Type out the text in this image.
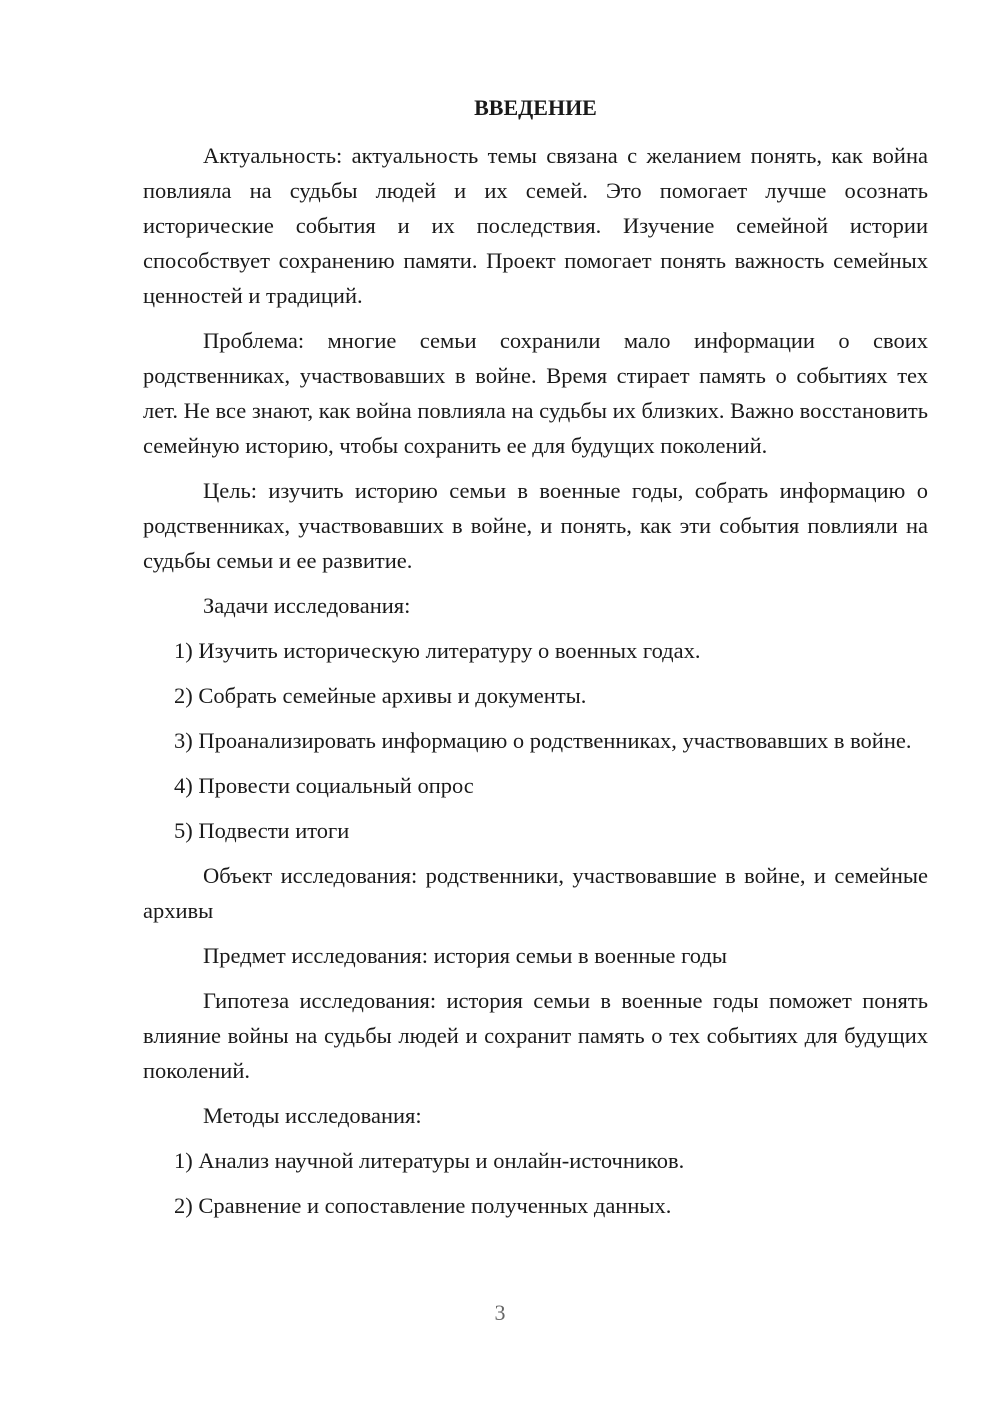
ВВЕДЕНИЕ

Актуальность: актуальность темы связана с желанием понять, как война повлияла на судьбы людей и их семей. Это помогает лучше осознать исторические события и их последствия. Изучение семейной истории способствует сохранению памяти. Проект помогает понять важность семейных ценностей и традиций.

Проблема: многие семьи сохранили мало информации о своих родственниках, участвовавших в войне. Время стирает память о событиях тех лет. Не все знают, как война повлияла на судьбы их близких. Важно восстановить семейную историю, чтобы сохранить ее для будущих поколений.

Цель: изучить историю семьи в военные годы, собрать информацию о родственниках, участвовавших в войне, и понять, как эти события повлияли на судьбы семьи и ее развитие.

Задачи исследования:

1) Изучить историческую литературу о военных годах.

2) Собрать семейные архивы и документы.

3) Проанализировать информацию о родственниках, участвовавших в войне.

4) Провести социальный опрос

5) Подвести итоги

Объект исследования: родственники, участвовавшие в войне, и семейные архивы

Предмет исследования: история семьи в военные годы

Гипотеза исследования: история семьи в военные годы поможет понять влияние войны на судьбы людей и сохранит память о тех событиях для будущих поколений.

Методы исследования:

1) Анализ научной литературы и онлайн-источников.

2) Сравнение и сопоставление полученных данных.

3
